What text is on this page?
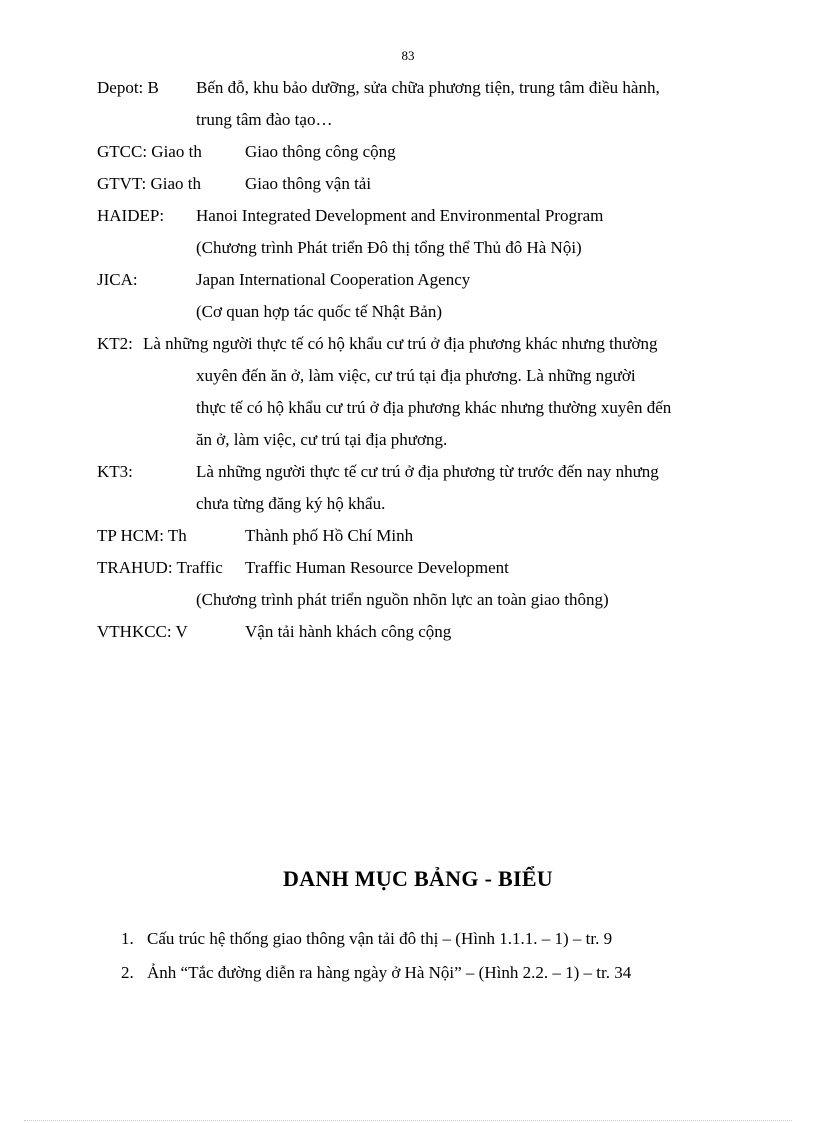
83
Depot: B Bến đỗ, khu bảo dưỡng, sửa chữa phương tiện, trung tâm điều hành,
trung tâm đào tạo…
GTCC: Giao th	Giao thông công cộng
GTVT: Giao th	Giao thông vận tải
HAIDEP: Hanoi Integrated Development and Environmental Program
(Chương trình Phát triển Đô thị tổng thể Thủ đô Hà Nội)
JICA:	Japan International Cooperation Agency
(Cơ quan hợp tác quốc tế Nhật Bản)
KT2: Là những người thực tế có hộ khẩu cư trú ở địa phương khác nhưng thường
xuyên đến ăn ở, làm việc, cư trú tại địa phương. Là những người
thực tế có hộ khẩu cư trú ở địa phương khác nhưng thường xuyên đến
ăn ở, làm việc, cư trú tại địa phương.
KT3:	Là những người thực tế cư trú ở địa phương từ trước đến nay nhưng
chưa từng đăng ký hộ khẩu.
TP HCM: Th	Thành phố Hồ Chí Minh
TRAHUD: Traffic Traffic Human Resource Development
(Chương trình phát triển nguồn nhõn lực an toàn giao thông)
VTHKCC: V	Vận tải hành khách công cộng
DANH MỤC BẢNG - BIỂU
1. Cấu trúc hệ thống giao thông vận tải đô thị – (Hình 1.1.1. – 1) – tr. 9
2. Ảnh “Tắc đường diễn ra hàng ngày ở Hà Nội” – (Hình 2.2. – 1) – tr. 34
